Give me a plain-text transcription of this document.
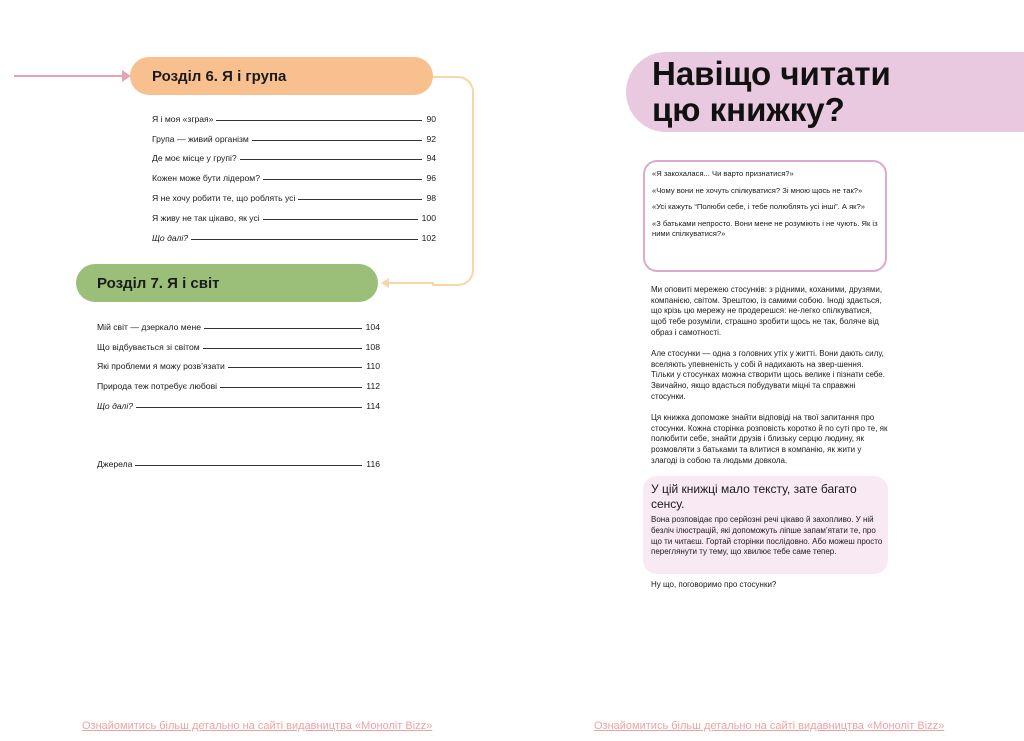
Розділ 6. Я і група
Я і моя «зграя»	90
Група — живий організм	92
Де моє місце у групі?	94
Кожен може бути лідером?	96
Я не хочу робити те, що роблять усі	98
Я живу не так цікаво, як усі	100
Що далі?	102
Розділ 7. Я і світ
Мій світ — дзеркало мене	104
Що відбувається зі світом	108
Які проблеми я можу розв’язати	110
Природа теж потребує любові	112
Що далі?	114
Джерела	116
Ознайомитись більш детально на сайті видавництва «Моноліт Bizz»
Навіщо читати
цю книжку?
«Я закохалася... Чи варто признатися?»
«Чому вони не хочуть спілкуватися? Зі мною щось не так?»
«Усі кажуть “Полюби себе, і тебе полюблять усі інші”. А як?»
«З батьками непросто. Вони мене не розуміють і не чують. Як із ними спілкуватися?»
Ми оповиті мережею стосунків: з рідними, коханими, друзями, компанією, світом. Зрештою, із самими собою. Іноді здається, що крізь цю мережу не продерешся: не-легко спілкуватися, щоб тебе розуміли, страшно зробити щось не так, боляче від образ і самотності.
Але стосунки — одна з головних утіх у житті. Вони дають силу, вселяють упевненість у собі й надихають на звер-шення. Тільки у стосунках можна створити щось велике і пізнати себе. Звичайно, якщо вдасться побудувати міцні та справжні стосунки.
Ця книжка допоможе знайти відповіді на твої запитання про стосунки. Кожна сторінка розповість коротко й по суті про те, як полюбити себе, знайти друзів і близьку серцю людину, як розмовляти з батьками та влитися в компанію, як жити у злагоді із собою та людьми довкола.
У цій книжці мало тексту, зате багато сенсу.
Вона розповідає про серйозні речі цікаво й захопливо. У ній безліч ілюстрацій, які допоможуть ліпше запам’ятати те, про що ти читаєш. Гортай сторінки послідовно. Або можеш просто переглянути ту тему, що хвилює тебе саме тепер.
Ну що, поговоримо про стосунки?
Ознайомитись більш детально на сайті видавництва «Моноліт Bizz»
